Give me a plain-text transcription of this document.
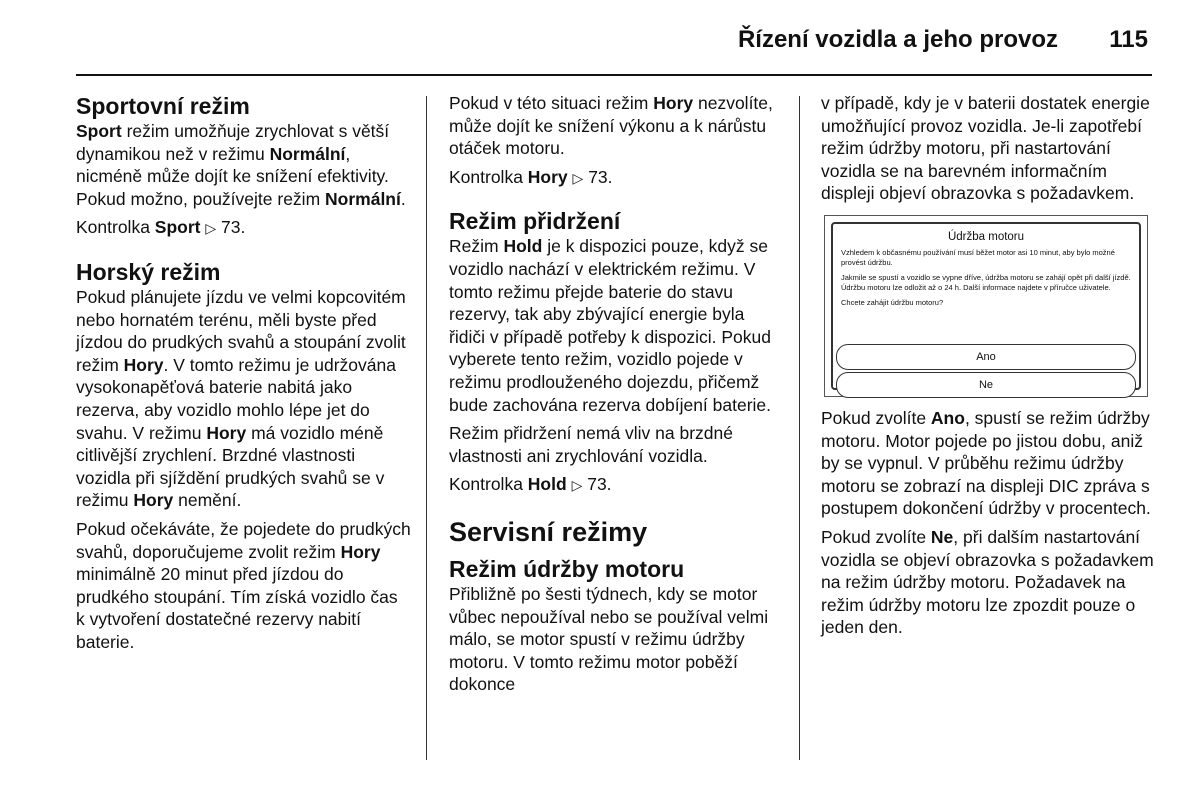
Řízení vozidla a jeho provoz 115
Sportovní režim

Sport režim umožňuje zrychlovat s větší dynamikou než v režimu Normální, nicméně může dojít ke snížení efektivity. Pokud možno, používejte režim Normální.

Kontrolka Sport ▷ 73.

Horský režim

Pokud plánujete jízdu ve velmi kopcovitém nebo hornatém terénu, měli byste před jízdou do prudkých svahů a stoupání zvolit režim Hory. V tomto režimu je udržována vysokonapěťová baterie nabitá jako rezerva, aby vozidlo mohlo lépe jet do svahu. V režimu Hory má vozidlo méně citlivější zrychlení. Brzdné vlastnosti vozidla při sjíždění prudkých svahů se v režimu Hory nemění.

Pokud očekáváte, že pojedete do prudkých svahů, doporučujeme zvolit režim Hory minimálně 20 minut před jízdou do prudkého stoupání. Tím získá vozidlo čas k vytvoření dostatečné rezervy nabití baterie.

Pokud v této situaci režim Hory nezvolíte, může dojít ke snížení výkonu a k nárůstu otáček motoru.

Kontrolka Hory ▷ 73.

Režim přidržení

Režim Hold je k dispozici pouze, když se vozidlo nachází v elektrickém režimu. V tomto režimu přejde baterie do stavu rezervy, tak aby zbývající energie byla řidiči v případě potřeby k dispozici. Pokud vyberete tento režim, vozidlo pojede v režimu prodlouženého dojezdu, přičemž bude zachována rezerva dobíjení baterie.

Režim přidržení nemá vliv na brzdné vlastnosti ani zrychlování vozidla.

Kontrolka Hold ▷ 73.

Servisní režimy
Režim údržby motoru

Přibližně po šesti týdnech, kdy se motor vůbec nepoužíval nebo se používal velmi málo, se motor spustí v režimu údržby motoru. V tomto režimu motor poběží dokonce

v případě, kdy je v baterii dostatek energie umožňující provoz vozidla. Je-li zapotřebí režim údržby motoru, při nastartování vozidla se na barevném informačním displeji objeví obrazovka s požadavkem.

Údržba motoru

Vzhledem k občasnému používání musí běžet motor asi 10 minut, aby bylo možné provést údržbu.

Jakmile se spustí a vozidlo se vypne dříve, údržba motoru se zahájí opět při další jízdě. Údržbu motoru lze odložit až o 24 h. Další informace najdete v příručce uživatele.

Chcete zahájit údržbu motoru?

Ano
Ne

Pokud zvolíte Ano, spustí se režim údržby motoru. Motor pojede po jistou dobu, aniž by se vypnul. V průběhu režimu údržby motoru se zobrazí na displeji DIC zpráva s postupem dokončení údržby v procentech.

Pokud zvolíte Ne, při dalším nastartování vozidla se objeví obrazovka s požadavkem na režim údržby motoru. Požadavek na režim údržby motoru lze zpozdit pouze o jeden den.
